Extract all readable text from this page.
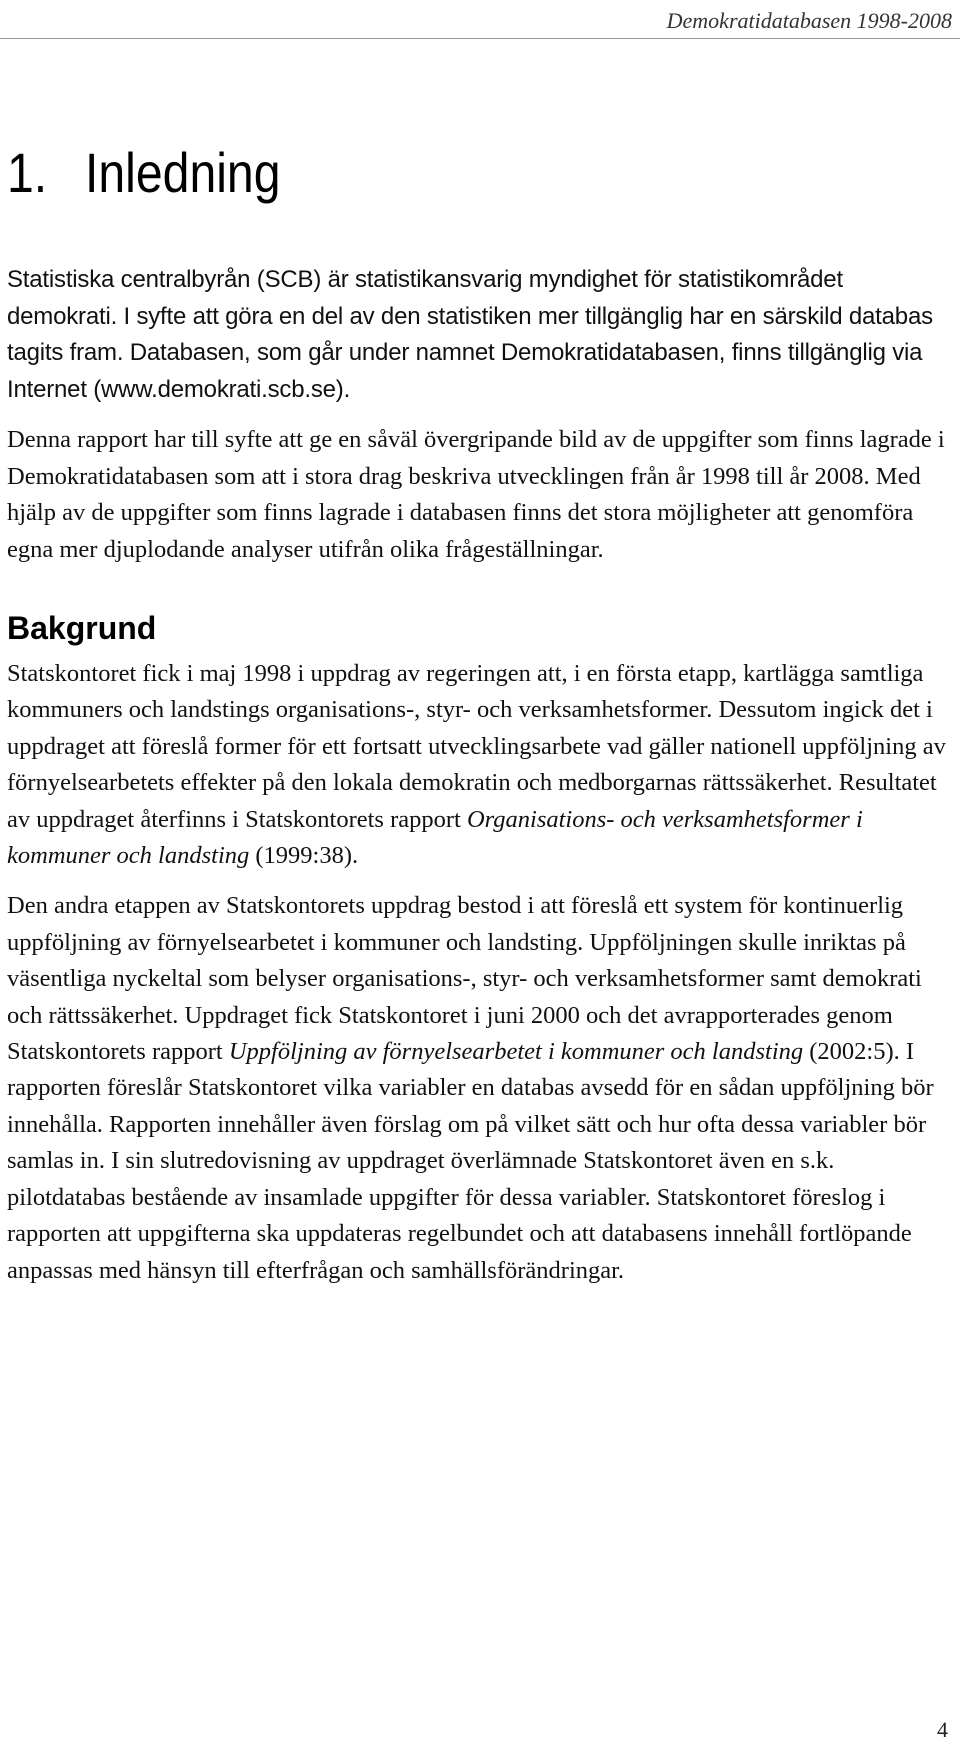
Demokratidatabasen 1998-2008
1. Inledning

Statistiska centralbyrån (SCB) är statistikansvarig myndighet för statistikområdet demokrati. I syfte att göra en del av den statistiken mer tillgänglig har en särskild databas tagits fram. Databasen, som går under namnet Demokratidatabasen, finns tillgänglig via Internet (www.demokrati.scb.se).

Denna rapport har till syfte att ge en såväl övergripande bild av de uppgifter som finns lagrade i Demokratidatabasen som att i stora drag beskriva utvecklingen från år 1998 till år 2008. Med hjälp av de uppgifter som finns lagrade i databasen finns det stora möjligheter att genomföra egna mer djuplodande analyser utifrån olika frågeställningar.

Bakgrund

Statskontoret fick i maj 1998 i uppdrag av regeringen att, i en första etapp, kartlägga samtliga kommuners och landstings organisations-, styr- och verksamhetsformer. Dessutom ingick det i uppdraget att föreslå former för ett fortsatt utvecklingsarbete vad gäller nationell uppföljning av förnyelsearbetets effekter på den lokala demokratin och medborgarnas rättssäkerhet. Resultatet av uppdraget återfinns i Statskontorets rapport Organisations- och verksamhetsformer i kommuner och landsting (1999:38).

Den andra etappen av Statskontorets uppdrag bestod i att föreslå ett system för kontinuerlig uppföljning av förnyelsearbetet i kommuner och landsting. Uppföljningen skulle inriktas på väsentliga nyckeltal som belyser organisations-, styr- och verksamhetsformer samt demokrati och rättssäkerhet. Uppdraget fick Statskontoret i juni 2000 och det avrapporterades genom Statskontorets rapport Uppföljning av förnyelsearbetet i kommuner och landsting (2002:5). I rapporten föreslår Statskontoret vilka variabler en databas avsedd för en sådan uppföljning bör innehålla. Rapporten innehåller även förslag om på vilket sätt och hur ofta dessa variabler bör samlas in. I sin slutredovisning av uppdraget överlämnade Statskontoret även en s.k. pilotdatabas bestående av insamlade uppgifter för dessa variabler. Statskontoret föreslog i rapporten att uppgifterna ska uppdateras regelbundet och att databasens innehåll fortlöpande anpassas med hänsyn till efterfrågan och samhällsförändringar.

4
